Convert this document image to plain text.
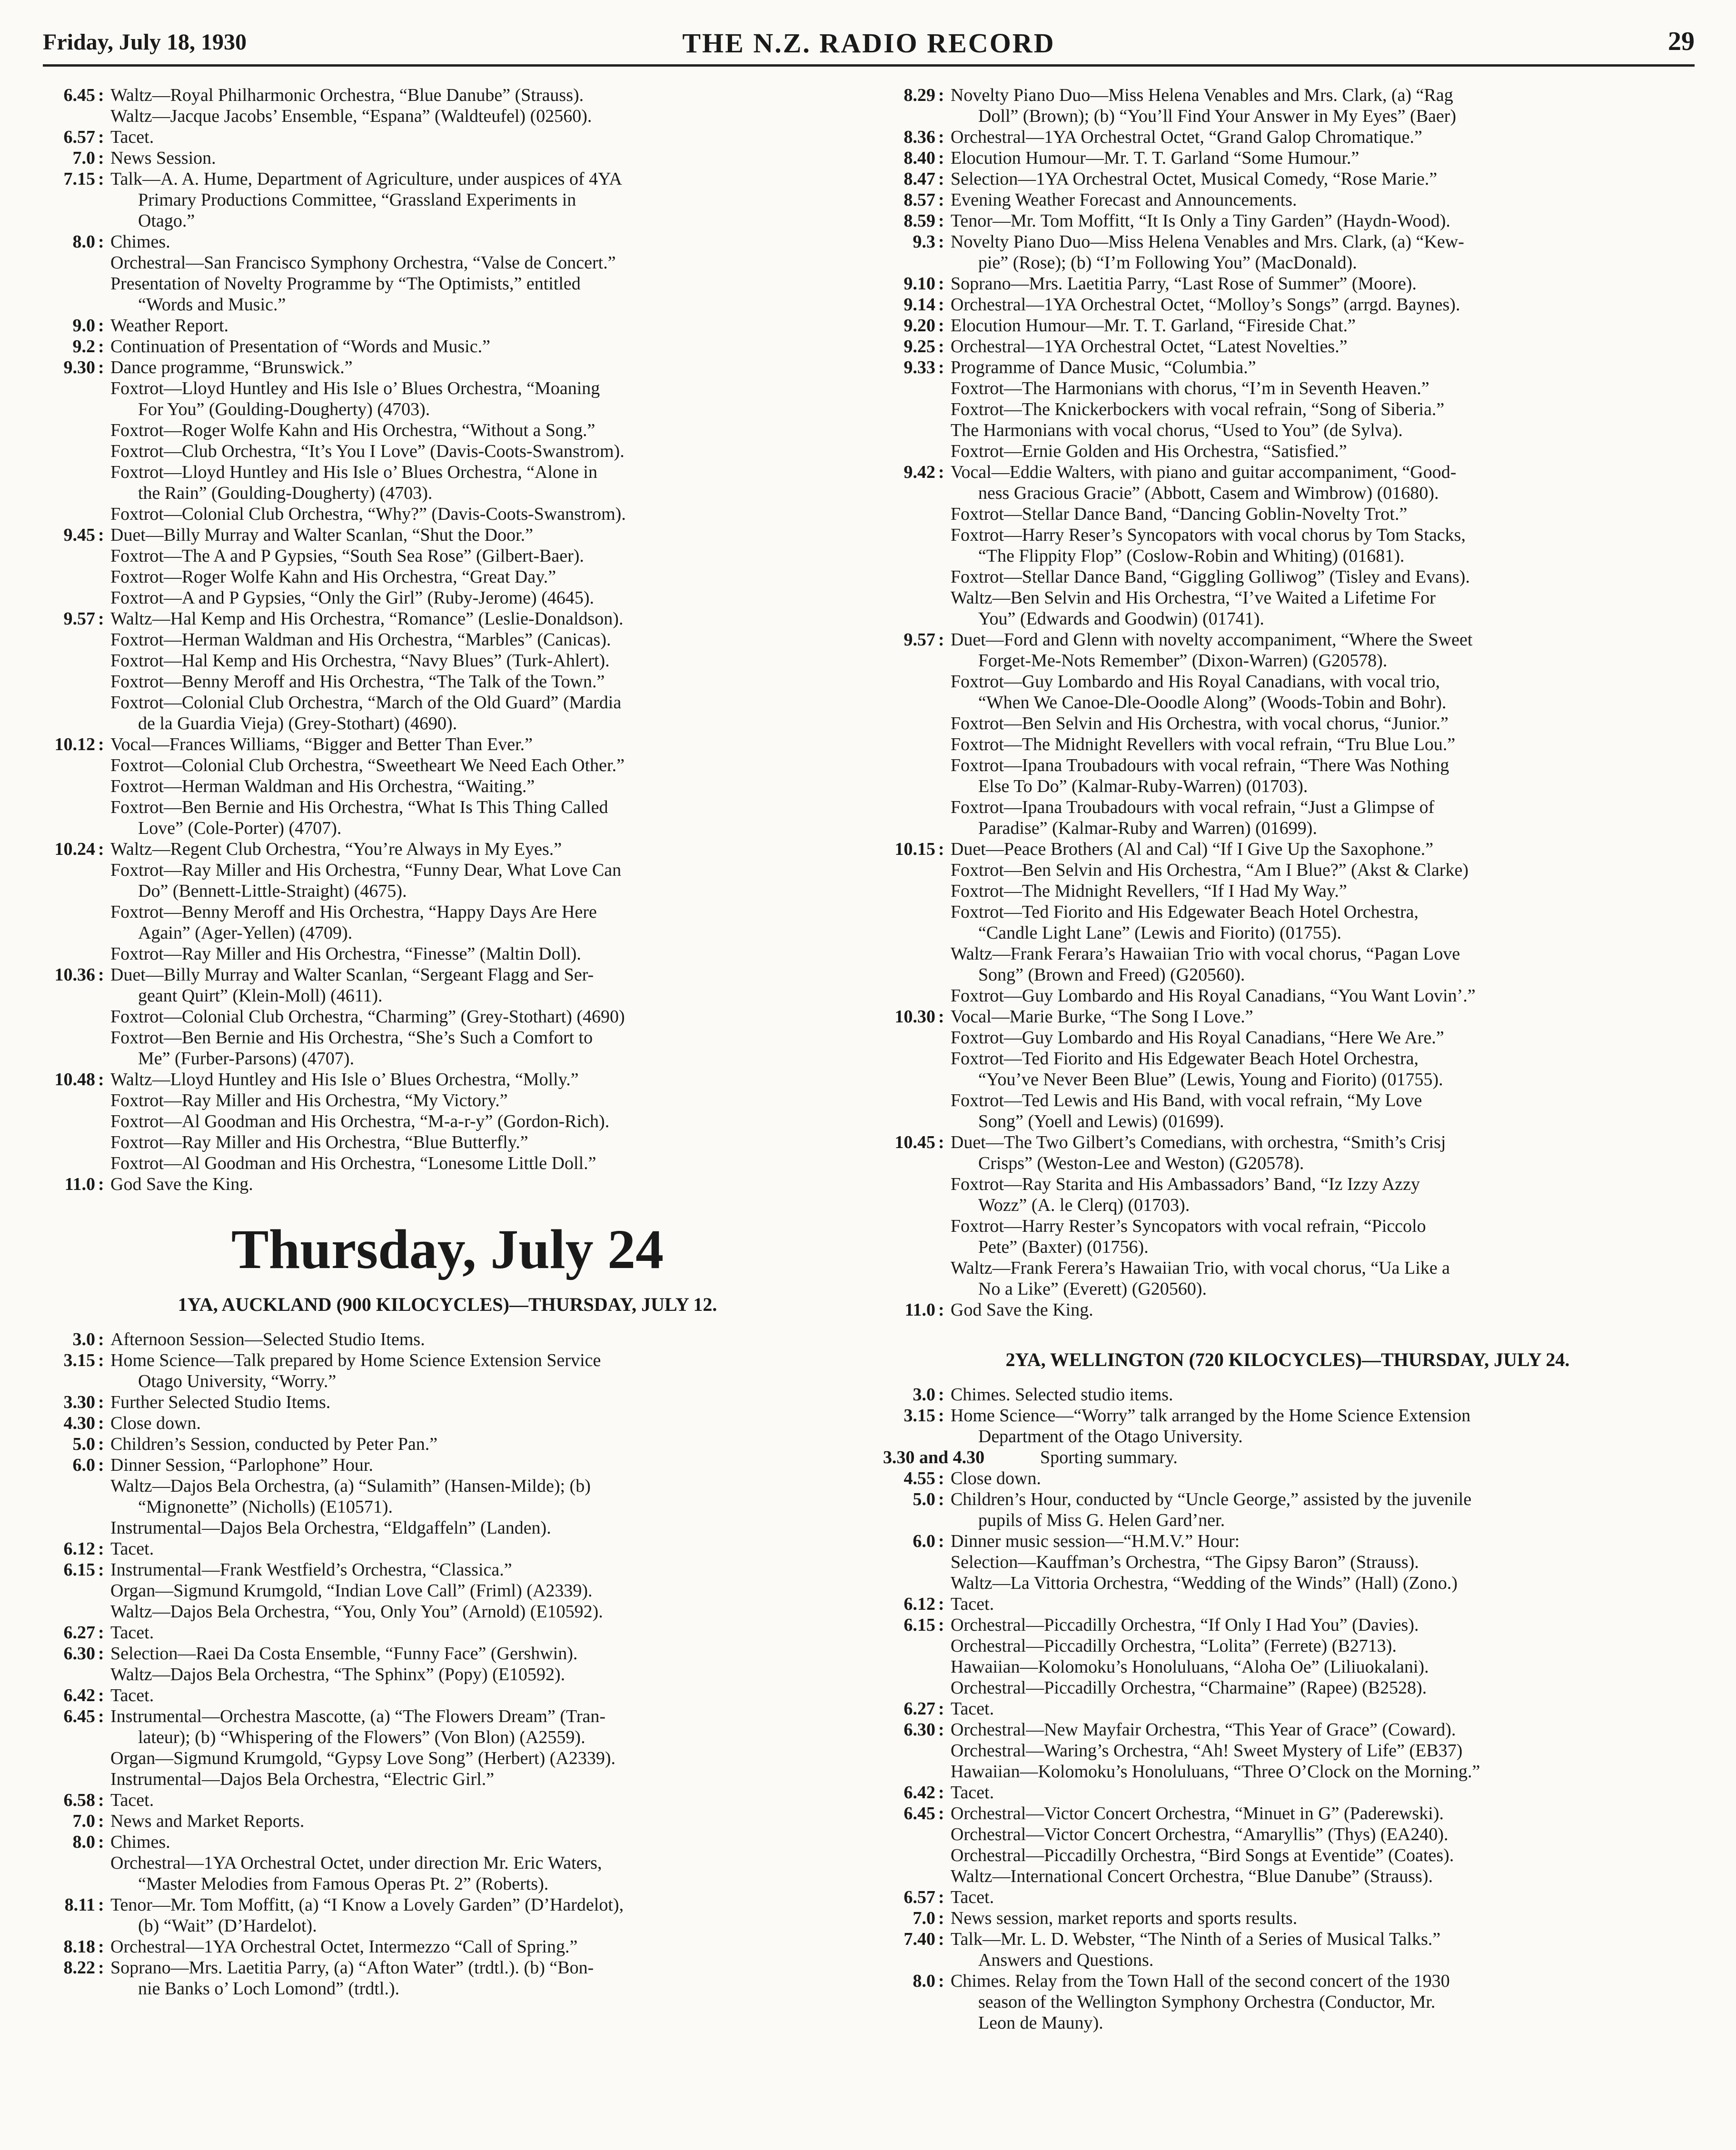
Friday, July 18, 1930	THE N.Z. RADIO RECORD	29
6.45 : Waltz—Royal Philharmonic Orchestra, “Blue Danube” (Strauss).
Waltz—Jacque Jacobs’ Ensemble, “Espana” (Waldteufel) (02560).
6.57 : Tacet.
7.0 : News Session.
7.15 : Talk—A. A. Hume, Department of Agriculture, under auspices of 4YA
Primary Productions Committee, “Grassland Experiments in
Otago.”
8.0 : Chimes.
Orchestral—San Francisco Symphony Orchestra, “Valse de Concert.”
Presentation of Novelty Programme by “The Optimists,” entitled
“Words and Music.”
9.0 : Weather Report.
9.2 : Continuation of Presentation of “Words and Music.”
9.30 : Dance programme, “Brunswick.”
Foxtrot—Lloyd Huntley and His Isle o’ Blues Orchestra, “Moaning
For You” (Goulding-Dougherty) (4703).
Foxtrot—Roger Wolfe Kahn and His Orchestra, “Without a Song.”
Foxtrot—Club Orchestra, “It’s You I Love” (Davis-Coots-Swanstrom).
Foxtrot—Lloyd Huntley and His Isle o’ Blues Orchestra, “Alone in
the Rain” (Goulding-Dougherty) (4703).
Foxtrot—Colonial Club Orchestra, “Why?” (Davis-Coots-Swanstrom).
9.45 : Duet—Billy Murray and Walter Scanlan, “Shut the Door.”
Foxtrot—The A and P Gypsies, “South Sea Rose” (Gilbert-Baer).
Foxtrot—Roger Wolfe Kahn and His Orchestra, “Great Day.”
Foxtrot—A and P Gypsies, “Only the Girl” (Ruby-Jerome) (4645).
9.57 : Waltz—Hal Kemp and His Orchestra, “Romance” (Leslie-Donaldson).
Foxtrot—Herman Waldman and His Orchestra, “Marbles” (Canicas).
Foxtrot—Hal Kemp and His Orchestra, “Navy Blues” (Turk-Ahlert).
Foxtrot—Benny Meroff and His Orchestra, “The Talk of the Town.”
Foxtrot—Colonial Club Orchestra, “March of the Old Guard” (Mardia
de la Guardia Vieja) (Grey-Stothart) (4690).
10.12 : Vocal—Frances Williams, “Bigger and Better Than Ever.”
Foxtrot—Colonial Club Orchestra, “Sweetheart We Need Each Other.”
Foxtrot—Herman Waldman and His Orchestra, “Waiting.”
Foxtrot—Ben Bernie and His Orchestra, “What Is This Thing Called
Love” (Cole-Porter) (4707).
10.24 : Waltz—Regent Club Orchestra, “You’re Always in My Eyes.”
Foxtrot—Ray Miller and His Orchestra, “Funny Dear, What Love Can
Do” (Bennett-Little-Straight) (4675).
Foxtrot—Benny Meroff and His Orchestra, “Happy Days Are Here
Again” (Ager-Yellen) (4709).
Foxtrot—Ray Miller and His Orchestra, “Finesse” (Maltin Doll).
10.36 : Duet—Billy Murray and Walter Scanlan, “Sergeant Flagg and Ser-
geant Quirt” (Klein-Moll) (4611).
Foxtrot—Colonial Club Orchestra, “Charming” (Grey-Stothart) (4690)
Foxtrot—Ben Bernie and His Orchestra, “She’s Such a Comfort to
Me” (Furber-Parsons) (4707).
10.48 : Waltz—Lloyd Huntley and His Isle o’ Blues Orchestra, “Molly.”
Foxtrot—Ray Miller and His Orchestra, “My Victory.”
Foxtrot—Al Goodman and His Orchestra, “M-a-r-y” (Gordon-Rich).
Foxtrot—Ray Miller and His Orchestra, “Blue Butterfly.”
Foxtrot—Al Goodman and His Orchestra, “Lonesome Little Doll.”
11.0 : God Save the King.
Thursday, July 24
1YA, AUCKLAND (900 KILOCYCLES)—THURSDAY, JULY 12.
3.0 : Afternoon Session—Selected Studio Items.
3.15 : Home Science—Talk prepared by Home Science Extension Service
Otago University, “Worry.”
3.30 : Further Selected Studio Items.
4.30 : Close down.
5.0 : Children’s Session, conducted by Peter Pan.”
6.0 : Dinner Session, “Parlophone” Hour.
Waltz—Dajos Bela Orchestra, (a) “Sulamith” (Hansen-Milde); (b)
“Mignonette” (Nicholls) (E10571).
Instrumental—Dajos Bela Orchestra, “Eldgaffeln” (Landen).
6.12 : Tacet.
6.15 : Instrumental—Frank Westfield’s Orchestra, “Classica.”
Organ—Sigmund Krumgold, “Indian Love Call” (Friml) (A2339).
Waltz—Dajos Bela Orchestra, “You, Only You” (Arnold) (E10592).
6.27 : Tacet.
6.30 : Selection—Raei Da Costa Ensemble, “Funny Face” (Gershwin).
Waltz—Dajos Bela Orchestra, “The Sphinx” (Popy) (E10592).
6.42 : Tacet.
6.45 : Instrumental—Orchestra Mascotte, (a) “The Flowers Dream” (Tran-
lateur); (b) “Whispering of the Flowers” (Von Blon) (A2559).
Organ—Sigmund Krumgold, “Gypsy Love Song” (Herbert) (A2339).
Instrumental—Dajos Bela Orchestra, “Electric Girl.”
6.58 : Tacet.
7.0 : News and Market Reports.
8.0 : Chimes.
Orchestral—1YA Orchestral Octet, under direction Mr. Eric Waters,
“Master Melodies from Famous Operas Pt. 2” (Roberts).
8.11 : Tenor—Mr. Tom Moffitt, (a) “I Know a Lovely Garden” (D’Hardelot),
(b) “Wait” (D’Hardelot).
8.18 : Orchestral—1YA Orchestral Octet, Intermezzo “Call of Spring.”
8.22 : Soprano—Mrs. Laetitia Parry, (a) “Afton Water” (trdtl.). (b) “Bon-
nie Banks o’ Loch Lomond” (trdtl.).
8.29 : Novelty Piano Duo—Miss Helena Venables and Mrs. Clark, (a) “Rag
Doll” (Brown); (b) “You’ll Find Your Answer in My Eyes” (Baer)
8.36 : Orchestral—1YA Orchestral Octet, “Grand Galop Chromatique.”
8.40 : Elocution Humour—Mr. T. T. Garland “Some Humour.”
8.47 : Selection—1YA Orchestral Octet, Musical Comedy, “Rose Marie.”
8.57 : Evening Weather Forecast and Announcements.
8.59 : Tenor—Mr. Tom Moffitt, “It Is Only a Tiny Garden” (Haydn-Wood).
9.3 : Novelty Piano Duo—Miss Helena Venables and Mrs. Clark, (a) “Kew-
pie” (Rose); (b) “I’m Following You” (MacDonald).
9.10 : Soprano—Mrs. Laetitia Parry, “Last Rose of Summer” (Moore).
9.14 : Orchestral—1YA Orchestral Octet, “Molloy’s Songs” (arrgd. Baynes).
9.20 : Elocution Humour—Mr. T. T. Garland, “Fireside Chat.”
9.25 : Orchestral—1YA Orchestral Octet, “Latest Novelties.”
9.33 : Programme of Dance Music, “Columbia.”
Foxtrot—The Harmonians with chorus, “I’m in Seventh Heaven.”
Foxtrot—The Knickerbockers with vocal refrain, “Song of Siberia.”
The Harmonians with vocal chorus, “Used to You” (de Sylva).
Foxtrot—Ernie Golden and His Orchestra, “Satisfied.”
9.42 : Vocal—Eddie Walters, with piano and guitar accompaniment, “Good-
ness Gracious Gracie” (Abbott, Casem and Wimbrow) (01680).
Foxtrot—Stellar Dance Band, “Dancing Goblin-Novelty Trot.”
Foxtrot—Harry Reser’s Syncopators with vocal chorus by Tom Stacks,
“The Flippity Flop” (Coslow-Robin and Whiting) (01681).
Foxtrot—Stellar Dance Band, “Giggling Golliwog” (Tisley and Evans).
Waltz—Ben Selvin and His Orchestra, “I’ve Waited a Lifetime For
You” (Edwards and Goodwin) (01741).
9.57 : Duet—Ford and Glenn with novelty accompaniment, “Where the Sweet
Forget-Me-Nots Remember” (Dixon-Warren) (G20578).
Foxtrot—Guy Lombardo and His Royal Canadians, with vocal trio,
“When We Canoe-Dle-Ooodle Along” (Woods-Tobin and Bohr).
Foxtrot—Ben Selvin and His Orchestra, with vocal chorus, “Junior.”
Foxtrot—The Midnight Revellers with vocal refrain, “Tru Blue Lou.”
Foxtrot—Ipana Troubadours with vocal refrain, “There Was Nothing
Else To Do” (Kalmar-Ruby-Warren) (01703).
Foxtrot—Ipana Troubadours with vocal refrain, “Just a Glimpse of
Paradise” (Kalmar-Ruby and Warren) (01699).
10.15 : Duet—Peace Brothers (Al and Cal) “If I Give Up the Saxophone.”
Foxtrot—Ben Selvin and His Orchestra, “Am I Blue?” (Akst & Clarke)
Foxtrot—The Midnight Revellers, “If I Had My Way.”
Foxtrot—Ted Fiorito and His Edgewater Beach Hotel Orchestra,
“Candle Light Lane” (Lewis and Fiorito) (01755).
Waltz—Frank Ferara’s Hawaiian Trio with vocal chorus, “Pagan Love
Song” (Brown and Freed) (G20560).
Foxtrot—Guy Lombardo and His Royal Canadians, “You Want Lovin’.”
10.30 : Vocal—Marie Burke, “The Song I Love.”
Foxtrot—Guy Lombardo and His Royal Canadians, “Here We Are.”
Foxtrot—Ted Fiorito and His Edgewater Beach Hotel Orchestra,
“You’ve Never Been Blue” (Lewis, Young and Fiorito) (01755).
Foxtrot—Ted Lewis and His Band, with vocal refrain, “My Love
Song” (Yoell and Lewis) (01699).
10.45 : Duet—The Two Gilbert’s Comedians, with orchestra, “Smith’s Crisj
Crisps” (Weston-Lee and Weston) (G20578).
Foxtrot—Ray Starita and His Ambassadors’ Band, “Iz Izzy Azzy
Wozz” (A. le Clerq) (01703).
Foxtrot—Harry Rester’s Syncopators with vocal refrain, “Piccolo
Pete” (Baxter) (01756).
Waltz—Frank Ferera’s Hawaiian Trio, with vocal chorus, “Ua Like a
No a Like” (Everett) (G20560).
11.0 : God Save the King.
2YA, WELLINGTON (720 KILOCYCLES)—THURSDAY, JULY 24.
3.0 : Chimes. Selected studio items.
3.15 : Home Science—“Worry” talk arranged by the Home Science Extension
Department of the Otago University.
3.30 and 4.30	Sporting summary.
4.55 : Close down.
5.0 : Children’s Hour, conducted by “Uncle George,” assisted by the juvenile
pupils of Miss G. Helen Gard’ner.
6.0 : Dinner music session—“H.M.V.” Hour:
Selection—Kauffman’s Orchestra, “The Gipsy Baron” (Strauss).
Waltz—La Vittoria Orchestra, “Wedding of the Winds” (Hall) (Zono.)
6.12 : Tacet.
6.15 : Orchestral—Piccadilly Orchestra, “If Only I Had You” (Davies).
Orchestral—Piccadilly Orchestra, “Lolita” (Ferrete) (B2713).
Hawaiian—Kolomoku’s Honoluluans, “Aloha Oe” (Liliuokalani).
Orchestral—Piccadilly Orchestra, “Charmaine” (Rapee) (B2528).
6.27 : Tacet.
6.30 : Orchestral—New Mayfair Orchestra, “This Year of Grace” (Coward).
Orchestral—Waring’s Orchestra, “Ah! Sweet Mystery of Life” (EB37)
Hawaiian—Kolomoku’s Honoluluans, “Three O’Clock on the Morning.”
6.42 : Tacet.
6.45 : Orchestral—Victor Concert Orchestra, “Minuet in G” (Paderewski).
Orchestral—Victor Concert Orchestra, “Amaryllis” (Thys) (EA240).
Orchestral—Piccadilly Orchestra, “Bird Songs at Eventide” (Coates).
Waltz—International Concert Orchestra, “Blue Danube” (Strauss).
6.57 : Tacet.
7.0 : News session, market reports and sports results.
7.40 : Talk—Mr. L. D. Webster, “The Ninth of a Series of Musical Talks.”
Answers and Questions.
8.0 : Chimes. Relay from the Town Hall of the second concert of the 1930
season of the Wellington Symphony Orchestra (Conductor, Mr.
Leon de Mauny).
